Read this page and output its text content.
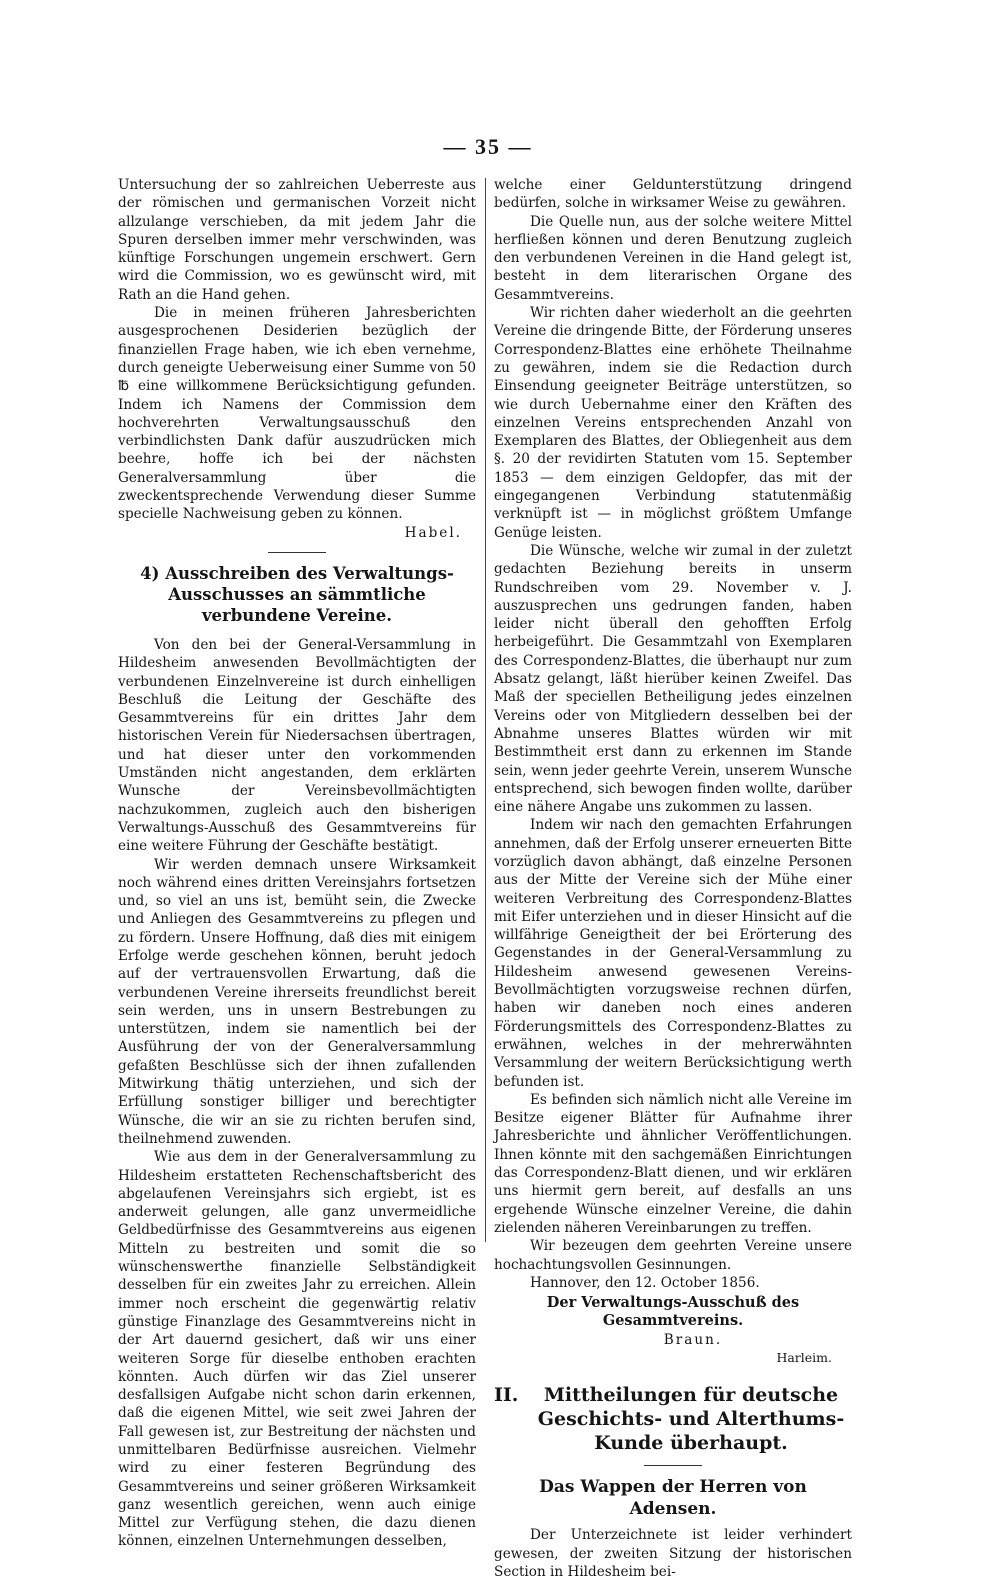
— 35 —

Untersuchung der so zahlreichen Ueberreste aus der römischen und germanischen Vorzeit nicht allzulange verschieben, da mit jedem Jahr die Spuren derselben immer mehr verschwinden, was künftige Forschungen ungemein erschwert. Gern wird die Commission, wo es gewünscht wird, mit Rath an die Hand gehen.

Die in meinen früheren Jahresberichten ausgesprochenen Desiderien bezüglich der finanziellen Frage haben, wie ich eben vernehme, durch geneigte Ueberweisung einer Summe von 50 ℔ eine willkommene Berücksichtigung gefunden. Indem ich Namens der Commission dem hochverehrten Verwaltungsausschuß den verbindlichsten Dank dafür auszudrücken mich beehre, hoffe ich bei der nächsten Generalversammlung über die zweckentsprechende Verwendung dieser Summe specielle Nachweisung geben zu können.

Habel.

4) Ausschreiben des Verwaltungs-Ausschusses an sämmtliche verbundene Vereine.

Von den bei der General-Versammlung in Hildesheim anwesenden Bevollmächtigten der verbundenen Einzelnvereine ist durch einhelligen Beschluß die Leitung der Geschäfte des Gesammtvereins für ein drittes Jahr dem historischen Verein für Niedersachsen übertragen, und hat dieser unter den vorkommenden Umständen nicht angestanden, dem erklärten Wunsche der Vereinsbevollmächtigten nachzukommen, zugleich auch den bisherigen Verwaltungs-Ausschuß des Gesammtvereins für eine weitere Führung der Geschäfte bestätigt.

Wir werden demnach unsere Wirksamkeit noch während eines dritten Vereinsjahrs fortsetzen und, so viel an uns ist, bemüht sein, die Zwecke und Anliegen des Gesammtvereins zu pflegen und zu fördern. Unsere Hoffnung, daß dies mit einigem Erfolge werde geschehen können, beruht jedoch auf der vertrauensvollen Erwartung, daß die verbundenen Vereine ihrerseits freundlichst bereit sein werden, uns in unsern Bestrebungen zu unterstützen, indem sie namentlich bei der Ausführung der von der Generalversammlung gefaßten Beschlüsse sich der ihnen zufallenden Mitwirkung thätig unterziehen, und sich der Erfüllung sonstiger billiger und berechtigter Wünsche, die wir an sie zu richten berufen sind, theilnehmend zuwenden.

Wie aus dem in der Generalversammlung zu Hildesheim erstatteten Rechenschaftsbericht des abgelaufenen Vereinsjahrs sich ergiebt, ist es anderweit gelungen, alle ganz unvermeidliche Geldbedürfnisse des Gesammtvereins aus eigenen Mitteln zu bestreiten und somit die so wünschenswerthe finanzielle Selbständigkeit desselben für ein zweites Jahr zu erreichen. Allein immer noch erscheint die gegenwärtig relativ günstige Finanzlage des Gesammtvereins nicht in der Art dauernd gesichert, daß wir uns einer weiteren Sorge für dieselbe enthoben erachten könnten. Auch dürfen wir das Ziel unserer desfallsigen Aufgabe nicht schon darin erkennen, daß die eigenen Mittel, wie seit zwei Jahren der Fall gewesen ist, zur Bestreitung der nächsten und unmittelbaren Bedürfnisse ausreichen. Vielmehr wird zu einer festeren Begründung des Gesammtvereins und seiner größeren Wirksamkeit ganz wesentlich gereichen, wenn auch einige Mittel zur Verfügung stehen, die dazu dienen können, einzelnen Unternehmungen desselben,

welche einer Geldunterstützung dringend bedürfen, solche in wirksamer Weise zu gewähren.

Die Quelle nun, aus der solche weitere Mittel herfließen können und deren Benutzung zugleich den verbundenen Vereinen in die Hand gelegt ist, besteht in dem literarischen Organe des Gesammtvereins.

Wir richten daher wiederholt an die geehrten Vereine die dringende Bitte, der Förderung unseres Correspondenz-Blattes eine erhöhete Theilnahme zu gewähren, indem sie die Redaction durch Einsendung geeigneter Beiträge unterstützen, so wie durch Uebernahme einer den Kräften des einzelnen Vereins entsprechenden Anzahl von Exemplaren des Blattes, der Obliegenheit aus dem §. 20 der revidirten Statuten vom 15. September 1853 — dem einzigen Geldopfer, das mit der eingegangenen Verbindung statutenmäßig verknüpft ist — in möglichst größtem Umfange Genüge leisten.

Die Wünsche, welche wir zumal in der zuletzt gedachten Beziehung bereits in unserm Rundschreiben vom 29. November v. J. auszusprechen uns gedrungen fanden, haben leider nicht überall den gehofften Erfolg herbeigeführt. Die Gesammtzahl von Exemplaren des Correspondenz-Blattes, die überhaupt nur zum Absatz gelangt, läßt hierüber keinen Zweifel. Das Maß der speciellen Betheiligung jedes einzelnen Vereins oder von Mitgliedern desselben bei der Abnahme unseres Blattes würden wir mit Bestimmtheit erst dann zu erkennen im Stande sein, wenn jeder geehrte Verein, unserem Wunsche entsprechend, sich bewogen finden wollte, darüber eine nähere Angabe uns zukommen zu lassen.

Indem wir nach den gemachten Erfahrungen annehmen, daß der Erfolg unserer erneuerten Bitte vorzüglich davon abhängt, daß einzelne Personen aus der Mitte der Vereine sich der Mühe einer weiteren Verbreitung des Correspondenz-Blattes mit Eifer unterziehen und in dieser Hinsicht auf die willfährige Geneigtheit der bei Erörterung des Gegenstandes in der General-Versammlung zu Hildesheim anwesend gewesenen Vereins-Bevollmächtigten vorzugsweise rechnen dürfen, haben wir daneben noch eines anderen Förderungsmittels des Correspondenz-Blattes zu erwähnen, welches in der mehrerwähnten Versammlung der weitern Berücksichtigung werth befunden ist.

Es befinden sich nämlich nicht alle Vereine im Besitze eigener Blätter für Aufnahme ihrer Jahresberichte und ähnlicher Veröffentlichungen. Ihnen könnte mit den sachgemäßen Einrichtungen das Correspondenz-Blatt dienen, und wir erklären uns hiermit gern bereit, auf desfalls an uns ergehende Wünsche einzelner Vereine, die dahin zielenden näheren Vereinbarungen zu treffen.

Wir bezeugen dem geehrten Vereine unsere hochachtungsvollen Gesinnungen.

Hannover, den 12. October 1856.

Der Verwaltungs-Ausschuß des Gesammtvereins.

Braun.

Harleim.

II.	Mittheilungen für deutsche Geschichts- und Alterthums-Kunde überhaupt.
Das Wappen der Herren von Adensen.

Der Unterzeichnete ist leider verhindert gewesen, der zweiten Sitzung der historischen Section in Hildesheim bei-
